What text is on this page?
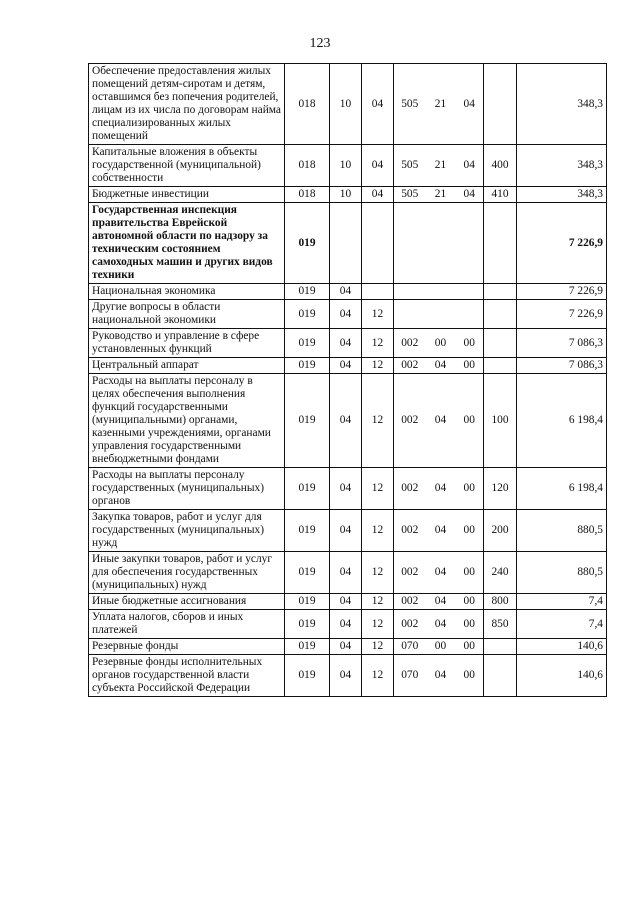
123
Обеспечение предоставления жилых помещений детям-сиротам и детям, оставшимся без попечения родителей, лицам из их числа по договорам найма специализированных жилых помещений	018	10	04	505	21	04		348,3
Капитальные вложения в объекты государственной (муниципальной) собственности	018	10	04	505	21	04	400	348,3
Бюджетные инвестиции	018	10	04	505	21	04	410	348,3
Государственная инспекция правительства Еврейской автономной области по надзору за техническим состоянием самоходных машин и других видов техники	019							7 226,9
Национальная экономика	019	04						7 226,9
Другие вопросы в области национальной экономики	019	04	12					7 226,9
Руководство и управление в сфере установленных функций	019	04	12	002	00	00		7 086,3
Центральный аппарат	019	04	12	002	04	00		7 086,3
Расходы на выплаты персоналу в целях обеспечения выполнения функций государственными (муниципальными) органами, казенными учреждениями, органами управления государственными внебюджетными фондами	019	04	12	002	04	00	100	6 198,4
Расходы на выплаты персоналу государственных (муниципальных) органов	019	04	12	002	04	00	120	6 198,4
Закупка товаров, работ и услуг для государственных (муниципальных) нужд	019	04	12	002	04	00	200	880,5
Иные закупки товаров, работ и услуг для обеспечения государственных (муниципальных) нужд	019	04	12	002	04	00	240	880,5
Иные бюджетные ассигнования	019	04	12	002	04	00	800	7,4
Уплата налогов, сборов и иных платежей	019	04	12	002	04	00	850	7,4
Резервные фонды	019	04	12	070	00	00		140,6
Резервные фонды исполнительных органов государственной власти субъекта Российской Федерации	019	04	12	070	04	00		140,6
